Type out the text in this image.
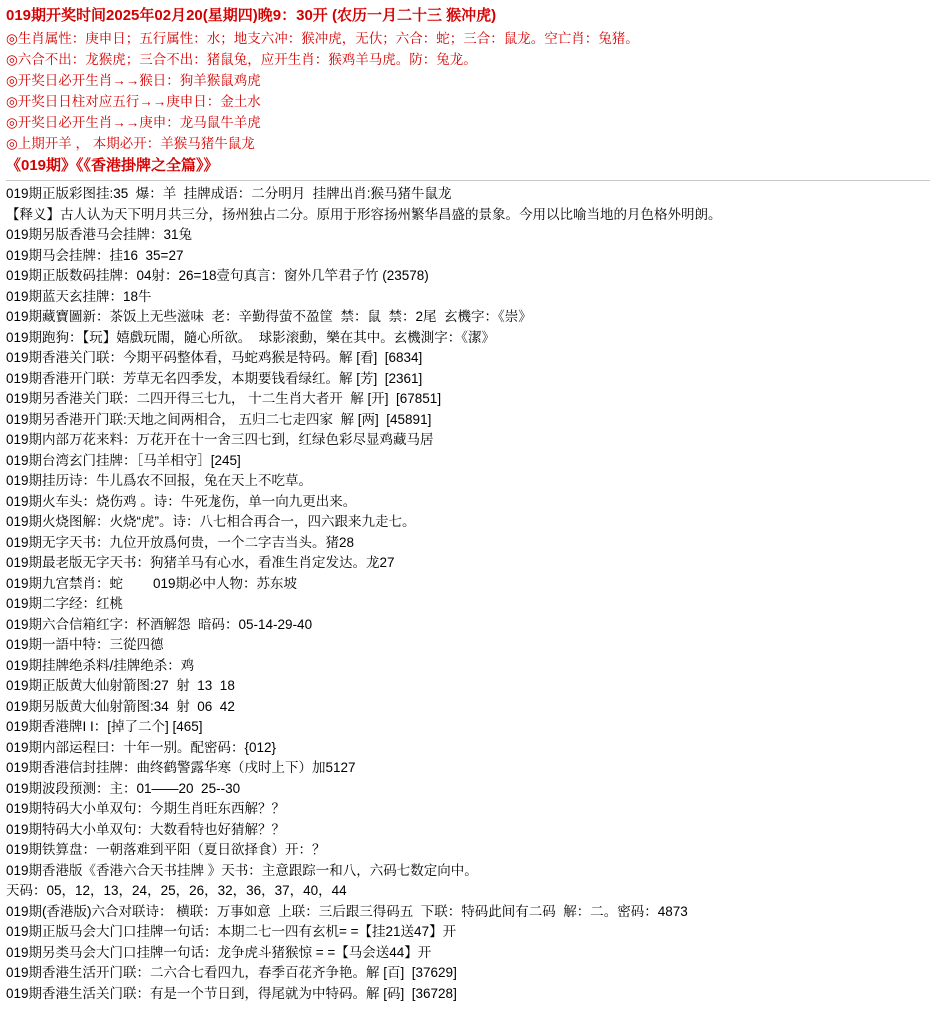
019期开奖时间2025年02月20(星期四)晚9：30开 (农历一月二十三 猴冲虎)
◎生肖属性：庚申日；五行属性：水；地支六冲：猴冲虎，无㐲；六合：蛇；三合：鼠龙。空亡肖：兔猪。
◎六合不出：龙猴虎；三合不出：猪鼠兔，应开生肖：猴鸡羊马虎。防：兔龙。
◎开奖日必开生肖→→猴日：狗羊猴鼠鸡虎
◎开奖日日柱对应五行→→庚申日：金土水
◎开奖日必开生肖→→庚申：龙马鼠牛羊虎
◎上期开羊 ， 本期必开：羊猴马猪牛鼠龙
《019期》《《香港掛牌之全篇》》
019期正版彩图挂:35  爆：羊  挂牌成语：二分明月  挂牌出肖:猴马猪牛鼠龙
【释义】古人认为天下明月共三分，扬州独占二分。原用于形容扬州繁华昌盛的景象。今用以比喻当地的月色格外明朗。
019期另版香港马会挂牌：31兔
019期马会挂牌：挂16  35=27
019期正版数码挂牌：04射：26=18壹句真言：窗外几竿君子竹 (23578)
019期蓝天玄挂牌：18牛
019期藏寶圖新：茶饭上无些滋味  老：辛勤得萤不盈筐  禁：鼠  禁：2尾  玄機字：《崇》
019期跑狗：【玩】嬉戲玩閙，隨心所欲。  球影滚動，樂在其中。玄機測字：《潔》
019期香港关门联：今期平码整体看，马蛇鸡猴是特码。解 [看]  [6834]
019期香港开门联：芳草无名四季发，本期要钱看绿红。解 [芳]  [2361]
019期另香港关门联：二四开得三七九， 十二生肖大者开  解 [开]  [67851]
019期另香港开门联:天地之间两相合， 五归二七走四家  解 [两]  [45891]
019期内部万花来料：万花开在十一舍三四七到，红绿色彩尽显鸡藏马居
019期台湾玄门挂牌：［马羊相守］[245]
019期挂历诗：牛儿爲农不回报，兔在天上不吃草。
019期火车头：烧伤鸡 。诗：牛死尨伤，单一向九更出来。
019期火烧图解：火烧“虎”。诗：八七相合再合一，四六跟来九走七。
019期无字天书：九位开放爲何贵，一个二字吉当头。猪28
019期最老版无字天书：狗猪羊马有心水，看准生肖定发达。龙27
019期九宫禁肖：蛇        019期必中人物：苏东坡
019期二字经：红桃
019期六合信箱红字：杯酒解怨  暗码：05-14-29-40
019期一語中特：三從四德
019期挂牌绝杀料/挂牌绝杀：鸡
019期正版黄大仙射箭图:27  射  13  18
019期另版黄大仙射箭图:34  射  06  42
019期香港牌I I：[掉了二个] [465]
019期内部运程曰：十年一别。配密码：{012}
019期香港信封挂牌：曲终鹤警露华寒（戌时上下）加5127
019期波段预测：主：01——20  25--30
019期特码大小单双句：今期生肖旺东西解？？
019期特码大小单双句：大数看特也好猜解？？
019期铁算盘：一朝落难到平阳（夏日欲择食）开：？
019期香港版《香港六合天书挂牌 》天书：主意跟踪一和八，六码七数定向中。
天码：05，12，13，24，25，26，32，36，37，40，44
019期(香港版)六合对联诗： 横联：万事如意  上联：三后跟三得码五  下联：特码此间有二码  解：二。密码：4873
019期正版马会大门口挂牌一句话：本期二七一四有玄机= =【挂21送47】开
019期另类马会大门口挂牌一句话：龙争虎斗猪猴惊 = =【马会送44】开
019期香港生活开门联：二六合七看四九，春季百花齐争艳。解 [百]  [37629]
019期香港生活关门联：有是一个节日到，得尾就为中特码。解 [码]  [36728]
